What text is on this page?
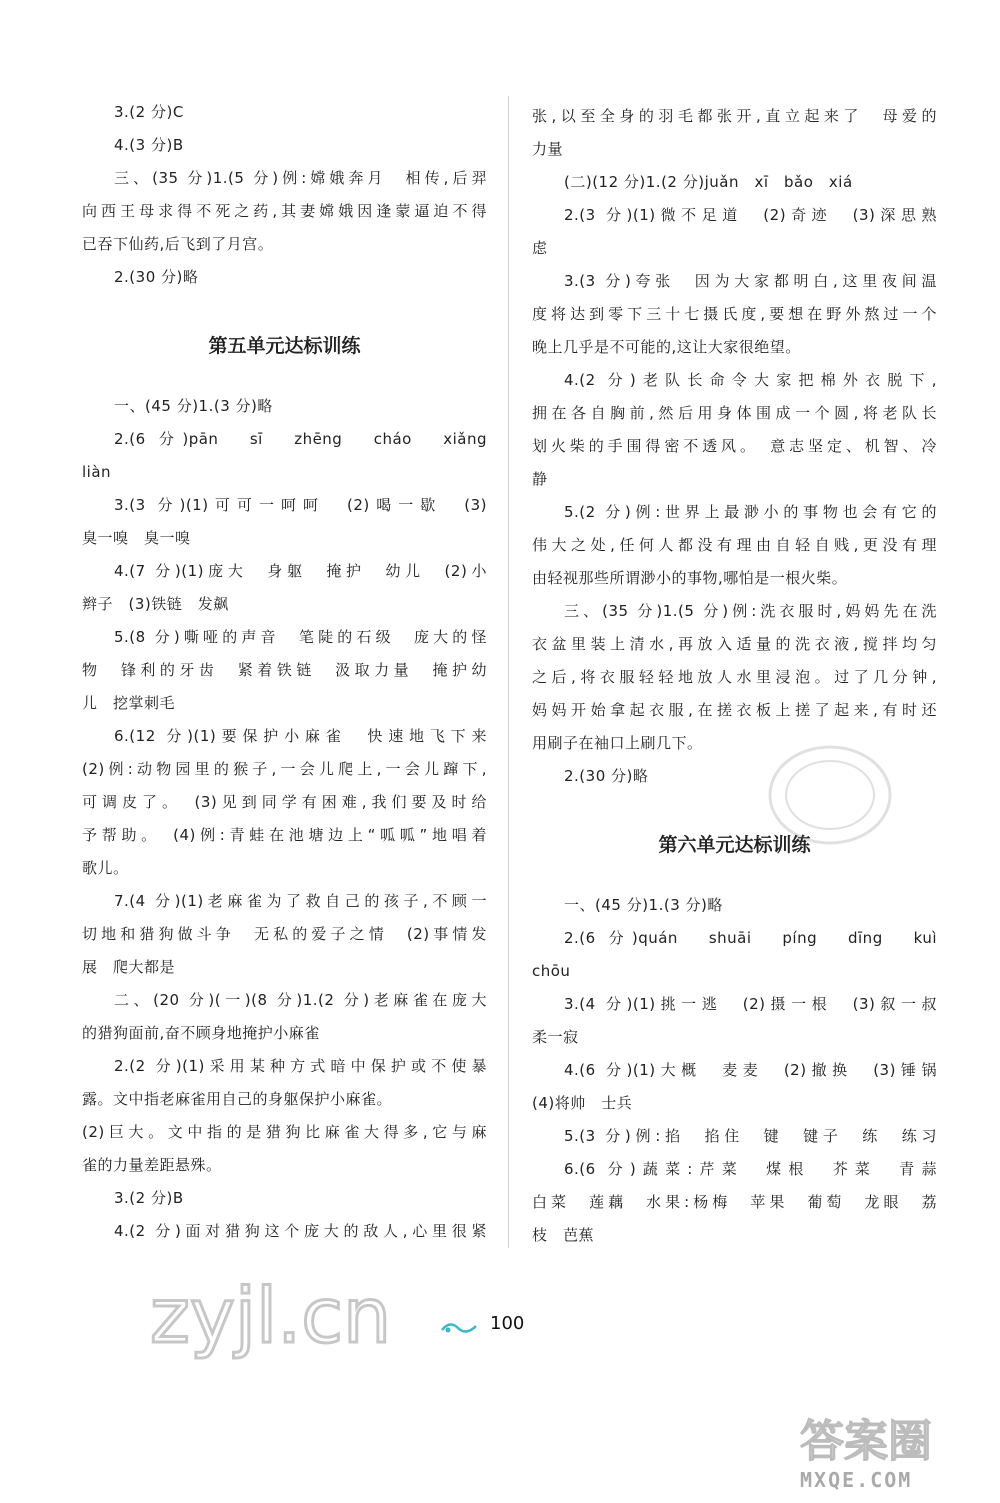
3.(2 分)C
4.(3 分)B
三、(35 分)1.(5 分)例:嫦娥奔月　相传,后羿
向西王母求得不死之药,其妻嫦娥因逢蒙逼迫不得
已吞下仙药,后飞到了月宫。
2.(30 分)略
第五单元达标训练
一、(45 分)1.(3 分)略
2.(6 分)pān　sī　zhēng　cháo　xiǎng
liàn
3.(3 分)(1)可可一呵呵　(2)喝一歇　(3)
臭一嗅　臭一嗅
4.(7 分)(1)庞大　身躯　掩护　幼儿　(2)小
辫子　(3)铁链　发飙
5.(8 分)嘶哑的声音　笔陡的石级　庞大的怪
物　锋利的牙齿　紧着铁链　汲取力量　掩护幼
儿　挖掌刺毛
6.(12 分)(1)要保护小麻雀　快速地飞下来
(2)例:动物园里的猴子,一会儿爬上,一会儿蹿下,
可调皮了。　(3)见到同学有困难,我们要及时给
予帮助。　(4)例:青蛙在池塘边上“呱呱”地唱着
歌儿。
7.(4 分)(1)老麻雀为了救自己的孩子,不顾一
切地和猎狗做斗争　无私的爱子之情　(2)事情发
展　爬大都是
二、(20 分)(一)(8 分)1.(2 分)老麻雀在庞大
的猎狗面前,奋不顾身地掩护小麻雀
2.(2 分)(1)采用某种方式暗中保护或不使暴
露。文中指老麻雀用自己的身躯保护小麻雀。
(2)巨大。文中指的是猎狗比麻雀大得多,它与麻
雀的力量差距悬殊。
3.(2 分)B
4.(2 分)面对猎狗这个庞大的敌人,心里很紧
张,以至全身的羽毛都张开,直立起来了　母爱的
力量
(二)(12 分)1.(2 分)juǎn　xī　bǎo　xiá
2.(3 分)(1)微不足道　(2)奇迹　(3)深思熟
虑
3.(3 分)夸张　因为大家都明白,这里夜间温
度将达到零下三十七摄氏度,要想在野外熬过一个
晚上几乎是不可能的,这让大家很绝望。
4.(2 分)老队长命令大家把棉外衣脱下,
拥在各自胸前,然后用身体围成一个圆,将老队长
划火柴的手围得密不透风。　意志坚定、机智、冷
静
5.(2 分)例:世界上最渺小的事物也会有它的
伟大之处,任何人都没有理由自轻自贱,更没有理
由轻视那些所谓渺小的事物,哪怕是一根火柴。
三、(35 分)1.(5 分)例:洗衣服时,妈妈先在洗
衣盆里装上清水,再放入适量的洗衣液,搅拌均匀
之后,将衣服轻轻地放人水里浸泡。过了几分钟,
妈妈开始拿起衣服,在搓衣板上搓了起来,有时还
用刷子在袖口上刷几下。
2.(30 分)略
第六单元达标训练
一、(45 分)1.(3 分)略
2.(6 分)quán　shuāi　píng　dīng　kuì
chōu
3.(4 分)(1)挑一逃　(2)摄一根　(3)叙一叔
柔一寂
4.(6 分)(1)大概　麦麦　(2)撤换　(3)锤锅
(4)将帅　士兵
5.(3 分)例:掐　掐住　键　键子　练　练习
6.(6 分)蔬菜:芹菜　煤根　芥菜　青蒜
白菜　莲藕　水果:杨梅　苹果　葡萄　龙眼　荔
枝　芭蕉
zyjl.cn	100
答案圈
MXQE.COM
